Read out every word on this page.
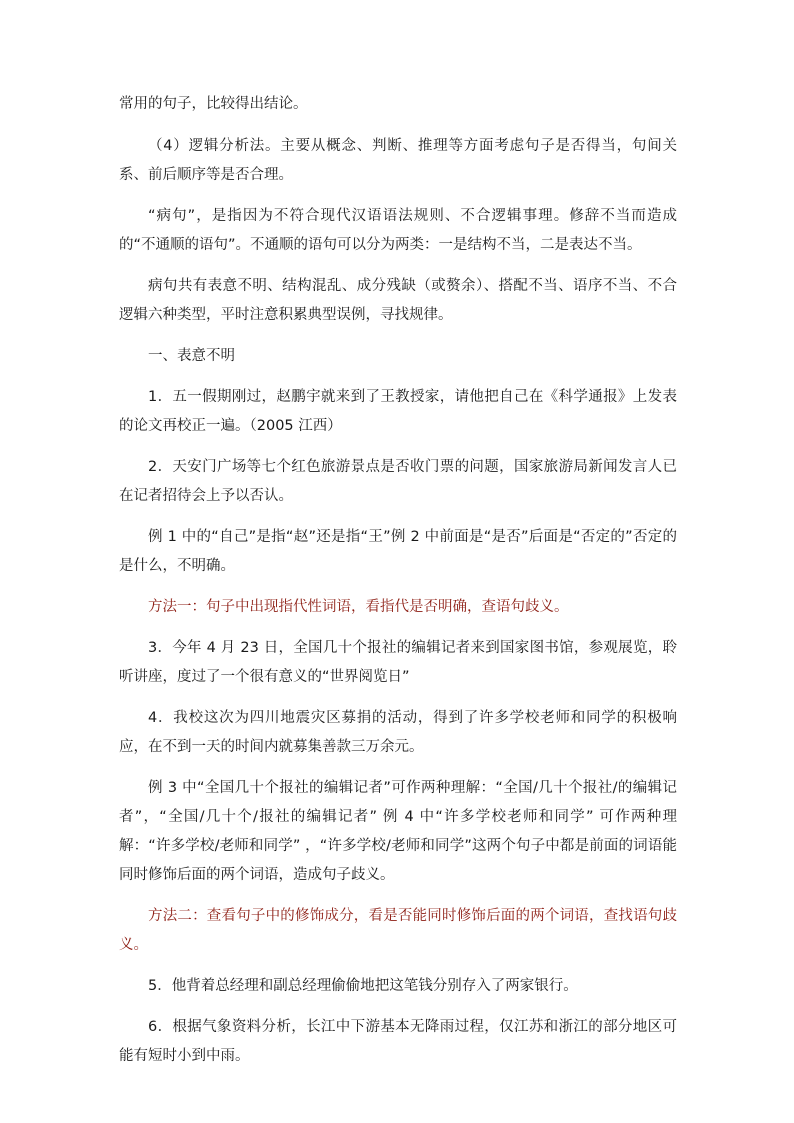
常用的句子，比较得出结论。

（4）逻辑分析法。主要从概念、判断、推理等方面考虑句子是否得当，句间关系、前后顺序等是否合理。

“病句”，是指因为不符合现代汉语语法规则、不合逻辑事理。修辞不当而造成的“不通顺的语句”。不通顺的语句可以分为两类：一是结构不当，二是表达不当。

病句共有表意不明、结构混乱、成分残缺（或赘余）、搭配不当、语序不当、不合逻辑六种类型，平时注意积累典型误例，寻找规律。

一、表意不明

1．五一假期刚过，赵鹏宇就来到了王教授家，请他把自己在《科学通报》上发表的论文再校正一遍。（2005 江西）

2．天安门广场等七个红色旅游景点是否收门票的问题，国家旅游局新闻发言人已在记者招待会上予以否认。

例 1 中的“自己”是指“赵”还是指“王”例 2 中前面是“是否”后面是“否定的”否定的是什么，不明确。

方法一：句子中出现指代性词语，看指代是否明确，查语句歧义。

3．今年 4 月 23 日，全国几十个报社的编辑记者来到国家图书馆，参观展览，聆听讲座，度过了一个很有意义的“世界阅览日”

4．我校这次为四川地震灾区募捐的活动，得到了许多学校老师和同学的积极响应，在不到一天的时间内就募集善款三万余元。

例 3 中“全国几十个报社的编辑记者”可作两种理解：“全国/几十个报社/的编辑记者”，“全国/几十个/报社的编辑记者” 例 4 中“许多学校老师和同学” 可作两种理解：“许多学校/老师和同学” ，“许多学校/老师和同学”这两个句子中都是前面的词语能同时修饰后面的两个词语，造成句子歧义。

方法二：查看句子中的修饰成分，看是否能同时修饰后面的两个词语，查找语句歧义。

5．他背着总经理和副总经理偷偷地把这笔钱分别存入了两家银行。

6．根据气象资料分析，长江中下游基本无降雨过程，仅江苏和浙江的部分地区可能有短时小到中雨。
